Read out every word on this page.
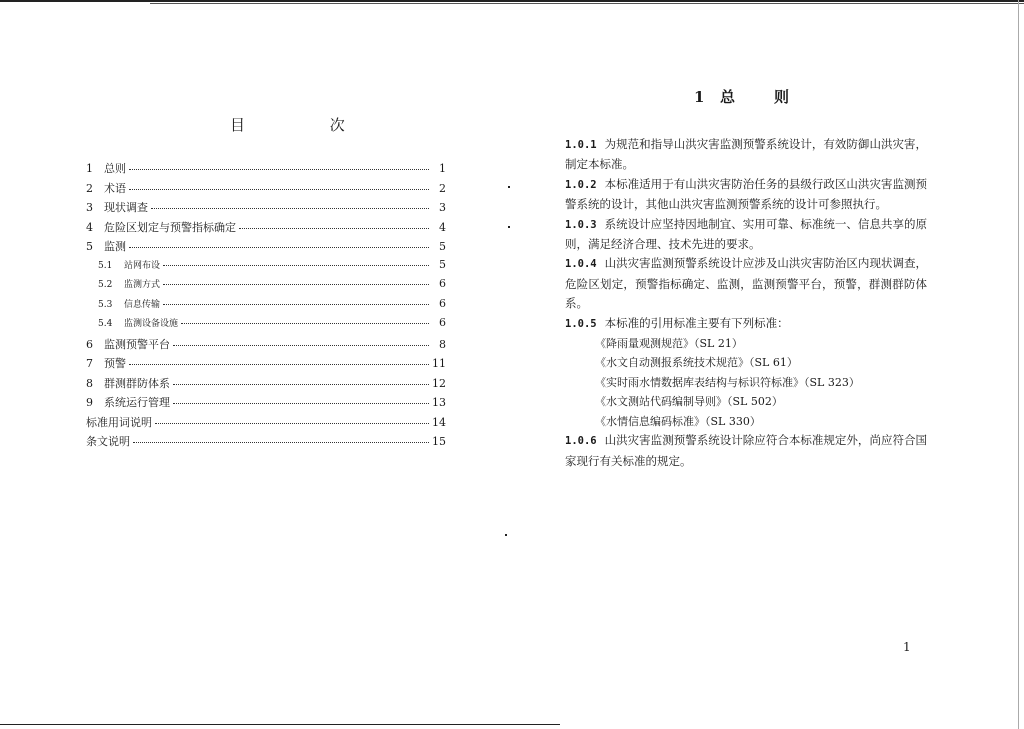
目 次
1	总则	1
2	术语	2
3	现状调查	3
4	危险区划定与预警指标确定	4
5	监测	5
5.1	站网布设	5
5.2	监测方式	6
5.3	信息传输	6
5.4	监测设备设施	6
6	监测预警平台	8
7	预警	11
8	群测群防体系	12
9	系统运行管理	13
标准用词说明	14
条文说明	15
1 总	则
1.0.1 为规范和指导山洪灾害监测预警系统设计，有效防御山洪灾害，制定本标准。
1.0.2 本标准适用于有山洪灾害防治任务的县级行政区山洪灾害监测预警系统的设计，其他山洪灾害监测预警系统的设计可参照执行。
1.0.3 系统设计应坚持因地制宜、实用可靠、标准统一、信息共享的原则，满足经济合理、技术先进的要求。
1.0.4 山洪灾害监测预警系统设计应涉及山洪灾害防治区内现状调查，危险区划定，预警指标确定、监测，监测预警平台，预警，群测群防体系。
1.0.5 本标准的引用标准主要有下列标准：
《降雨量观测规范》（SL 21）
《水文自动测报系统技术规范》（SL 61）
《实时雨水情数据库表结构与标识符标准》（SL 323）
《水文测站代码编制导则》（SL 502）
《水情信息编码标准》（SL 330）
1.0.6 山洪灾害监测预警系统设计除应符合本标准规定外，尚应符合国家现行有关标准的规定。
1
